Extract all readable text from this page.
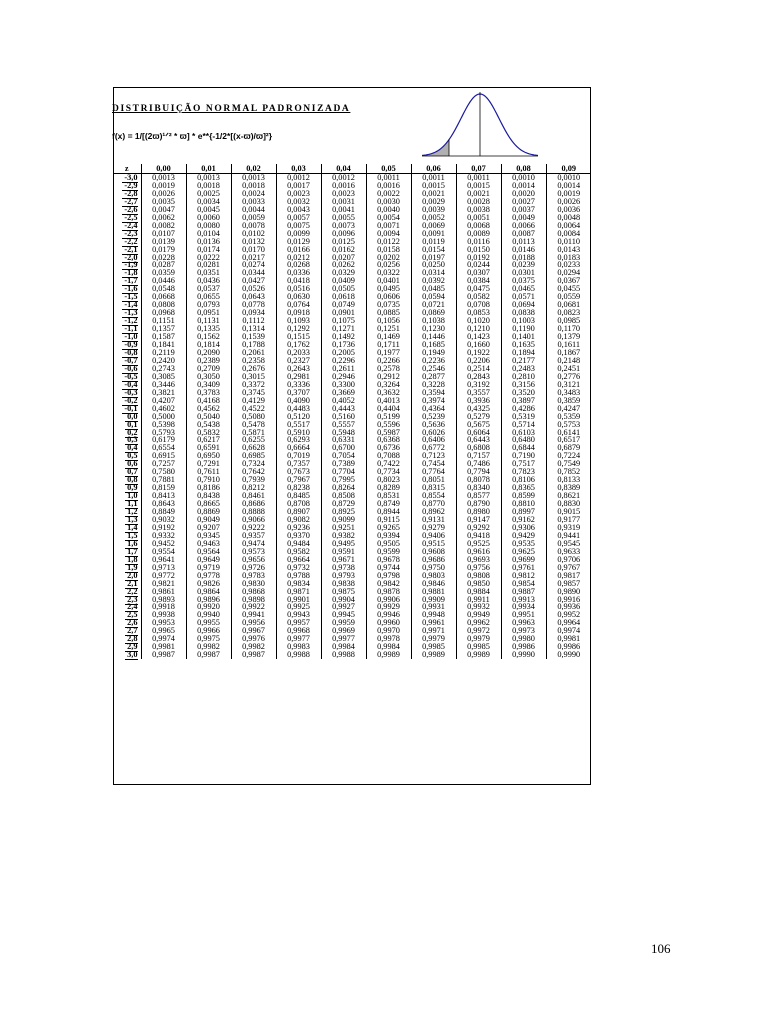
DISTRIBUIÇÃO NORMAL PADRONIZADA
f(x) = 1/[(2ϖ)¹ᐟ² * ϖ] * e**{-1/2*[(x-ϖ)/ϖ]²}
z	0,00	0,01	0,02	0,03	0,04	0,05	0,06	0,07	0,08	0,09
-3,0	0,0013	0,0013	0,0013	0,0012	0,0012	0,0011	0,0011	0,0011	0,0010	0,0010
-2,9	0,0019	0,0018	0,0018	0,0017	0,0016	0,0016	0,0015	0,0015	0,0014	0,0014
-2,8	0,0026	0,0025	0,0024	0,0023	0,0023	0,0022	0,0021	0,0021	0,0020	0,0019
-2,7	0,0035	0,0034	0,0033	0,0032	0,0031	0,0030	0,0029	0,0028	0,0027	0,0026
-2,6	0,0047	0,0045	0,0044	0,0043	0,0041	0,0040	0,0039	0,0038	0,0037	0,0036
-2,5	0,0062	0,0060	0,0059	0,0057	0,0055	0,0054	0,0052	0,0051	0,0049	0,0048
-2,4	0,0082	0,0080	0,0078	0,0075	0,0073	0,0071	0,0069	0,0068	0,0066	0,0064
-2,3	0,0107	0,0104	0,0102	0,0099	0,0096	0,0094	0,0091	0,0089	0,0087	0,0084
-2,2	0,0139	0,0136	0,0132	0,0129	0,0125	0,0122	0,0119	0,0116	0,0113	0,0110
-2,1	0,0179	0,0174	0,0170	0,0166	0,0162	0,0158	0,0154	0,0150	0,0146	0,0143
-2,0	0,0228	0,0222	0,0217	0,0212	0,0207	0,0202	0,0197	0,0192	0,0188	0,0183
-1,9	0,0287	0,0281	0,0274	0,0268	0,0262	0,0256	0,0250	0,0244	0,0239	0,0233
-1,8	0,0359	0,0351	0,0344	0,0336	0,0329	0,0322	0,0314	0,0307	0,0301	0,0294
-1,7	0,0446	0,0436	0,0427	0,0418	0,0409	0,0401	0,0392	0,0384	0,0375	0,0367
-1,6	0,0548	0,0537	0,0526	0,0516	0,0505	0,0495	0,0485	0,0475	0,0465	0,0455
-1,5	0,0668	0,0655	0,0643	0,0630	0,0618	0,0606	0,0594	0,0582	0,0571	0,0559
-1,4	0,0808	0,0793	0,0778	0,0764	0,0749	0,0735	0,0721	0,0708	0,0694	0,0681
-1,3	0,0968	0,0951	0,0934	0,0918	0,0901	0,0885	0,0869	0,0853	0,0838	0,0823
-1,2	0,1151	0,1131	0,1112	0,1093	0,1075	0,1056	0,1038	0,1020	0,1003	0,0985
-1,1	0,1357	0,1335	0,1314	0,1292	0,1271	0,1251	0,1230	0,1210	0,1190	0,1170
-1,0	0,1587	0,1562	0,1539	0,1515	0,1492	0,1469	0,1446	0,1423	0,1401	0,1379
-0,9	0,1841	0,1814	0,1788	0,1762	0,1736	0,1711	0,1685	0,1660	0,1635	0,1611
-0,8	0,2119	0,2090	0,2061	0,2033	0,2005	0,1977	0,1949	0,1922	0,1894	0,1867
-0,7	0,2420	0,2389	0,2358	0,2327	0,2296	0,2266	0,2236	0,2206	0,2177	0,2148
-0,6	0,2743	0,2709	0,2676	0,2643	0,2611	0,2578	0,2546	0,2514	0,2483	0,2451
-0,5	0,3085	0,3050	0,3015	0,2981	0,2946	0,2912	0,2877	0,2843	0,2810	0,2776
-0,4	0,3446	0,3409	0,3372	0,3336	0,3300	0,3264	0,3228	0,3192	0,3156	0,3121
-0,3	0,3821	0,3783	0,3745	0,3707	0,3669	0,3632	0,3594	0,3557	0,3520	0,3483
-0,2	0,4207	0,4168	0,4129	0,4090	0,4052	0,4013	0,3974	0,3936	0,3897	0,3859
-0,1	0,4602	0,4562	0,4522	0,4483	0,4443	0,4404	0,4364	0,4325	0,4286	0,4247
0,0	0,5000	0,5040	0,5080	0,5120	0,5160	0,5199	0,5239	0,5279	0,5319	0,5359
0,1	0,5398	0,5438	0,5478	0,5517	0,5557	0,5596	0,5636	0,5675	0,5714	0,5753
0,2	0,5793	0,5832	0,5871	0,5910	0,5948	0,5987	0,6026	0,6064	0,6103	0,6141
0,3	0,6179	0,6217	0,6255	0,6293	0,6331	0,6368	0,6406	0,6443	0,6480	0,6517
0,4	0,6554	0,6591	0,6628	0,6664	0,6700	0,6736	0,6772	0,6808	0,6844	0,6879
0,5	0,6915	0,6950	0,6985	0,7019	0,7054	0,7088	0,7123	0,7157	0,7190	0,7224
0,6	0,7257	0,7291	0,7324	0,7357	0,7389	0,7422	0,7454	0,7486	0,7517	0,7549
0,7	0,7580	0,7611	0,7642	0,7673	0,7704	0,7734	0,7764	0,7794	0,7823	0,7852
0,8	0,7881	0,7910	0,7939	0,7967	0,7995	0,8023	0,8051	0,8078	0,8106	0,8133
0,9	0,8159	0,8186	0,8212	0,8238	0,8264	0,8289	0,8315	0,8340	0,8365	0,8389
1,0	0,8413	0,8438	0,8461	0,8485	0,8508	0,8531	0,8554	0,8577	0,8599	0,8621
1,1	0,8643	0,8665	0,8686	0,8708	0,8729	0,8749	0,8770	0,8790	0,8810	0,8830
1,2	0,8849	0,8869	0,8888	0,8907	0,8925	0,8944	0,8962	0,8980	0,8997	0,9015
1,3	0,9032	0,9049	0,9066	0,9082	0,9099	0,9115	0,9131	0,9147	0,9162	0,9177
1,4	0,9192	0,9207	0,9222	0,9236	0,9251	0,9265	0,9279	0,9292	0,9306	0,9319
1,5	0,9332	0,9345	0,9357	0,9370	0,9382	0,9394	0,9406	0,9418	0,9429	0,9441
1,6	0,9452	0,9463	0,9474	0,9484	0,9495	0,9505	0,9515	0,9525	0,9535	0,9545
1,7	0,9554	0,9564	0,9573	0,9582	0,9591	0,9599	0,9608	0,9616	0,9625	0,9633
1,8	0,9641	0,9649	0,9656	0,9664	0,9671	0,9678	0,9686	0,9693	0,9699	0,9706
1,9	0,9713	0,9719	0,9726	0,9732	0,9738	0,9744	0,9750	0,9756	0,9761	0,9767
2,0	0,9772	0,9778	0,9783	0,9788	0,9793	0,9798	0,9803	0,9808	0,9812	0,9817
2,1	0,9821	0,9826	0,9830	0,9834	0,9838	0,9842	0,9846	0,9850	0,9854	0,9857
2,2	0,9861	0,9864	0,9868	0,9871	0,9875	0,9878	0,9881	0,9884	0,9887	0,9890
2,3	0,9893	0,9896	0,9898	0,9901	0,9904	0,9906	0,9909	0,9911	0,9913	0,9916
2,4	0,9918	0,9920	0,9922	0,9925	0,9927	0,9929	0,9931	0,9932	0,9934	0,9936
2,5	0,9938	0,9940	0,9941	0,9943	0,9945	0,9946	0,9948	0,9949	0,9951	0,9952
2,6	0,9953	0,9955	0,9956	0,9957	0,9959	0,9960	0,9961	0,9962	0,9963	0,9964
2,7	0,9965	0,9966	0,9967	0,9968	0,9969	0,9970	0,9971	0,9972	0,9973	0,9974
2,8	0,9974	0,9975	0,9976	0,9977	0,9977	0,9978	0,9979	0,9979	0,9980	0,9981
2,9	0,9981	0,9982	0,9982	0,9983	0,9984	0,9984	0,9985	0,9985	0,9986	0,9986
3,0	0,9987	0,9987	0,9987	0,9988	0,9988	0,9989	0,9989	0,9989	0,9990	0,9990
106
